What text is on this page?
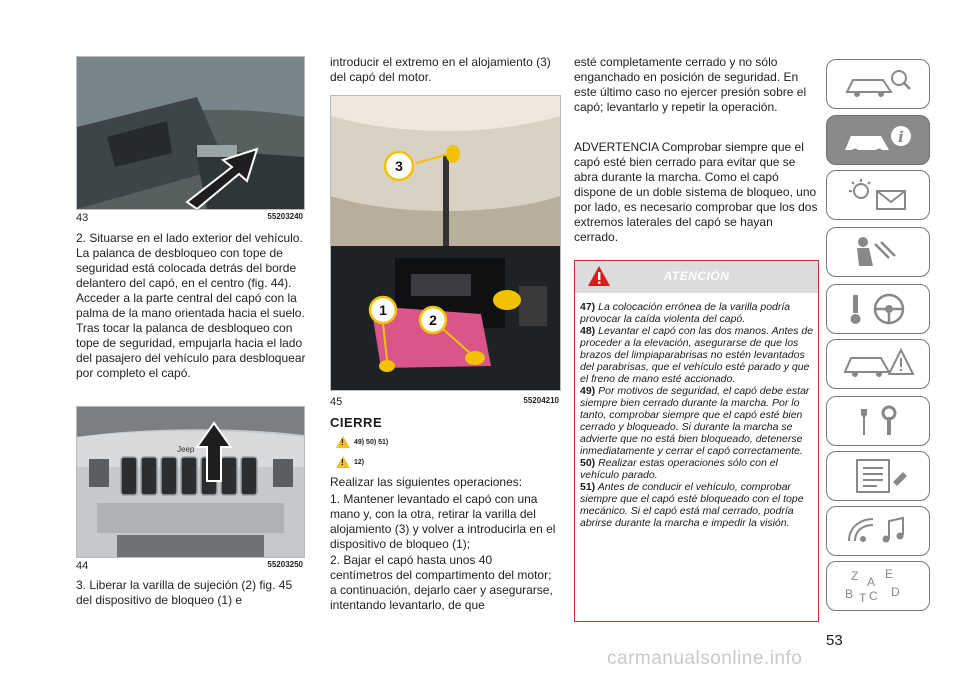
43	55203240

2. Situarse en el lado exterior del vehículo. La palanca de desbloqueo con tope de seguridad está colocada detrás del borde delantero del capó, en el centro (fig. 44). Acceder a la parte central del capó con la palma de la mano orientada hacia el suelo. Tras tocar la palanca de desbloqueo con tope de seguridad, empujarla hacia el lado del pasajero del vehículo para desbloquear por completo el capó.

Jeep
44	55203250

3. Liberar la varilla de sujeción (2) fig. 45 del dispositivo de bloqueo (1) e

introducir el extremo en el alojamiento (3) del capó del motor.

3
1
2
45	55204210
CIERRE
!
49) 50) 51)
!
12)

Realizar las siguientes operaciones:

1. Mantener levantado el capó con una mano y, con la otra, retirar la varilla del alojamiento (3) y volver a introducirla en el dispositivo de bloqueo (1);

2. Bajar el capó hasta unos 40 centímetros del compartimento del motor; a continuación, dejarlo caer y asegurarse, intentando levantarlo, de que

esté completamente cerrado y no sólo enganchado en posición de seguridad. En este último caso no ejercer presión sobre el capó; levantarlo y repetir la operación.

ADVERTENCIA Comprobar siempre que el capó esté bien cerrado para evitar que se abra durante la marcha. Como el capó dispone de un doble sistema de bloqueo, uno por lado, es necesario comprobar que los dos extremos laterales del capó se hayan cerrado.

ATENCIÓN

47) La colocación errónea de la varilla podría provocar la caída violenta del capó.

48) Levantar el capó con las dos manos. Antes de proceder a la elevación, asegurarse de que los brazos del limpiaparabrisas no estén levantados del parabrisas, que el vehículo esté parado y que el freno de mano esté accionado.

49) Por motivos de seguridad, el capó debe estar siempre bien cerrado durante la marcha. Por lo tanto, comprobar siempre que el capó esté bien cerrado y bloqueado. Si durante la marcha se advierte que no está bien bloqueado, detenerse inmediatamente y cerrar el capó correctamente.

50) Realizar estas operaciones sólo con el vehículo parado.

51) Antes de conducir el vehículo, comprobar siempre que el capó esté bloqueado con el tope mecánico. Si el capó está mal cerrado, podría abrirse durante la marcha e impedir la visión.

i
Z E
A
B C D
T
53
carmanualsonline.info
